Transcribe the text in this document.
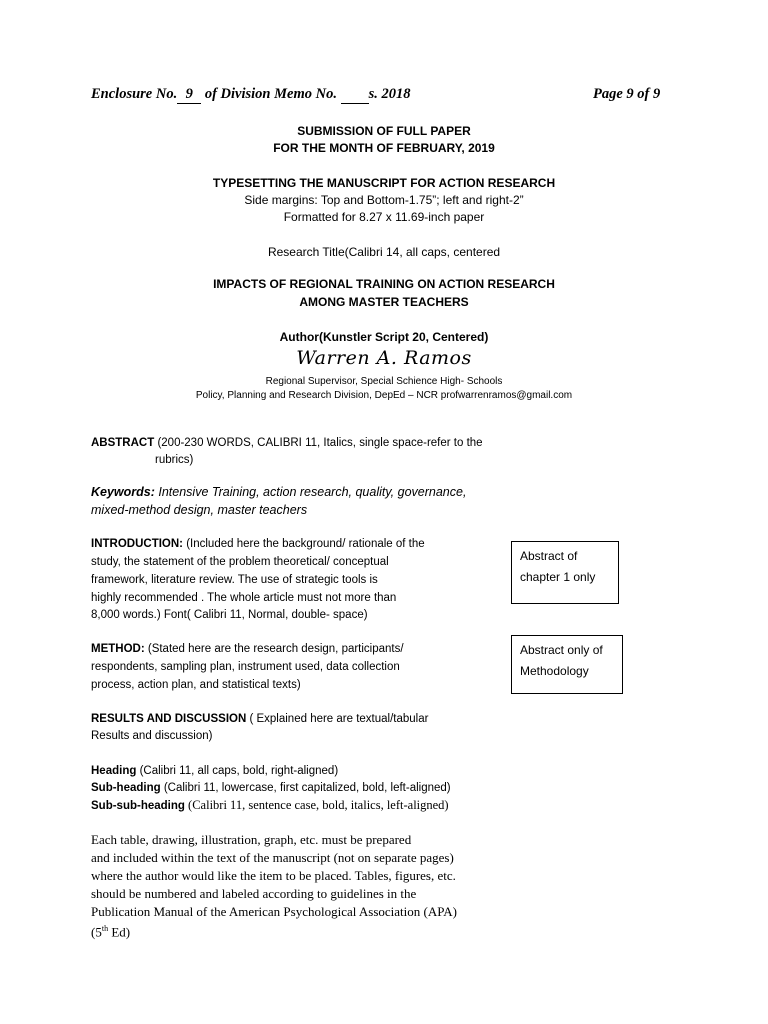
Enclosure No. 9 of Division Memo No. s. 2018	Page 9 of 9
SUBMISSION OF FULL PAPER
FOR THE MONTH OF FEBRUARY, 2019
TYPESETTING THE MANUSCRIPT FOR ACTION RESEARCH
Side margins: Top and Bottom-1.75”; left and right-2”
Formatted for 8.27 x 11.69-inch paper
Research Title(Calibri 14, all caps, centered
IMPACTS OF REGIONAL TRAINING ON ACTION RESEARCH
AMONG MASTER TEACHERS
Author(Kunstler Script 20, Centered)
Warren A. Ramos
Regional Supervisor, Special Schience High- Schools
Policy, Planning and Research Division, DepEd – NCR profwarrenramos@gmail.com
ABSTRACT (200-230 WORDS, CALIBRI 11, Italics, single space-refer to the
rubrics)
Keywords: Intensive Training, action research, quality, governance,
mixed-method design, master teachers
INTRODUCTION: (Included here the background/ rationale of the
study, the statement of the problem theoretical/ conceptual
framework, literature review. The use of strategic tools is
highly recommended . The whole article must not more than
8,000 words.) Font( Calibri 11, Normal, double- space)
METHOD: (Stated here are the research design, participants/
respondents, sampling plan, instrument used, data collection
process, action plan, and statistical texts)
RESULTS AND DISCUSSION ( Explained here are textual/tabular
Results and discussion)
Heading (Calibri 11, all caps, bold, right-aligned)
Sub-heading (Calibri 11, lowercase, first capitalized, bold, left-aligned)
Sub-sub-heading (Calibri 11, sentence case, bold, italics, left-aligned)
Each table, drawing, illustration, graph, etc. must be prepared
and included within the text of the manuscript (not on separate pages)
where the author would like the item to be placed. Tables, figures, etc.
should be numbered and labeled according to guidelines in the
Publication Manual of the American Psychological Association (APA)
(5th Ed)
Abstract of
chapter 1 only
Abstract only of
Methodology
